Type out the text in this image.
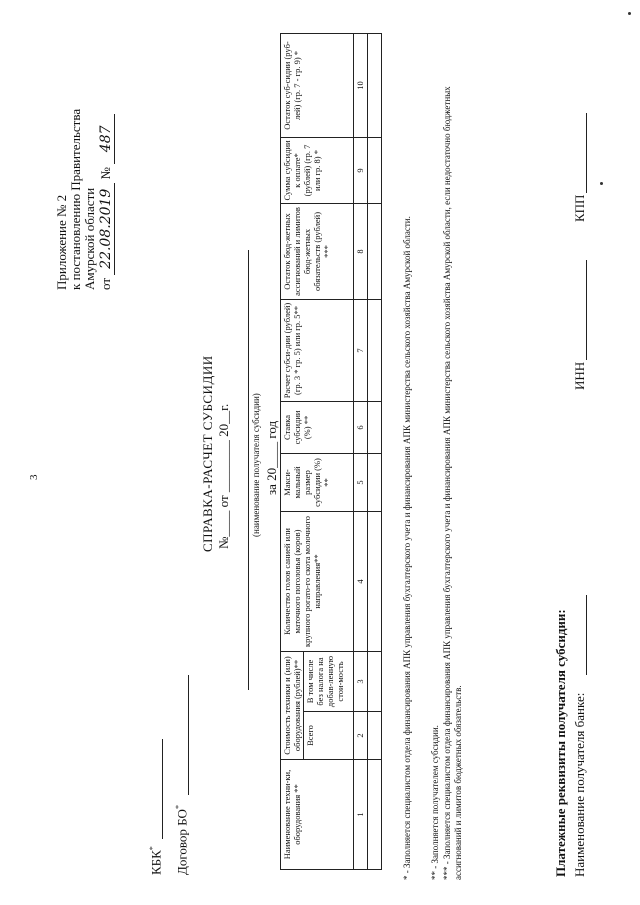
3
Приложение № 2 к постановлению Правительства Амурской области от 22.08.2019 № 487
КБК*	Договор БО*
СПРАВКА-РАСЧЕТ СУБСИДИИ №____ от ________ 20__г. (наименование получателя субсидии) за 20____ год
Наименование техни-ки, оборудования **	Стоимость техники и (или) оборудования (рублей)**		Количество голов санией или маточного поголовья (коров) крупного рогато-го скота молочного направления**	Макси-мальный размер субсидии (%) **	Ставка субсидии (%) **	Расчет субси-дии (рублей) (гр. 3 * гр. 5) или гр. 5**	Остаток бюд-жетных ассигнований и лимитов бюд-жетных обязательств (рублей) ***	Сумма субсидии к оплате* (рублей) (гр. 7 или гр. 8) *	Остаток суб-сидии (руб-лей) (гр. 7 - гр. 9) *
	Всего	В том числе без налога на добав-ленную стои-мость							
1	2	3	4	5	6	7	8	9	10

* - Заполняется специалистом отдела финансирования АПК управления бухгалтерского учета и финансирования АПК министерства сельского хозяйства Амурской области. ** - Заполняется получателем субсидии. *** - Заполняется специалистом отдела финансирования АПК управления бухгалтерского учета и финансирования АПК министерства сельского хозяйства Амурской области, если недостаточно бюджетных ассигнований и лимитов бюджетных обязательств.	Платежные реквизиты получателя субсидии: Наименование получателя банке:
ИНН
КПП
